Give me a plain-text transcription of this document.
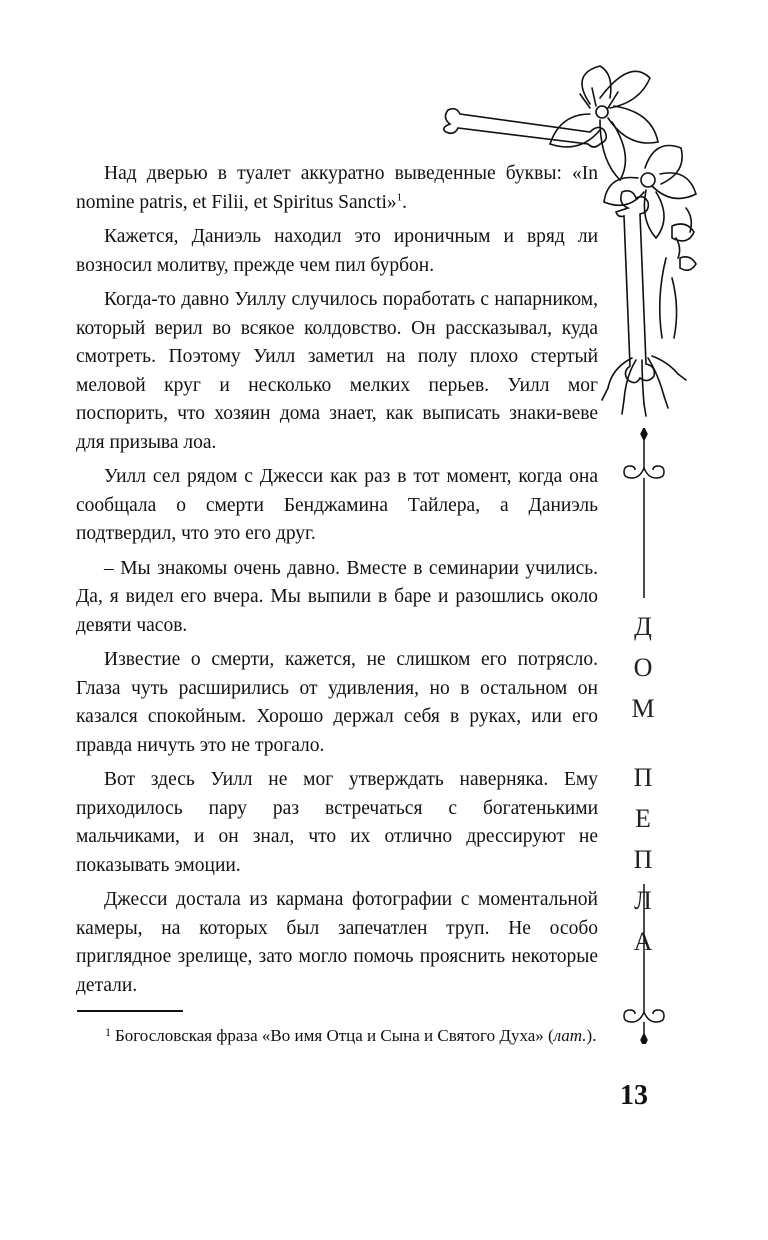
Д
О
М
П
Е
П
Л
А

Над дверью в туалет аккуратно выведенные буквы: «In nomine patris, et Filii, et Spiritus Sancti»$^1$.

Кажется, Даниэль находил это ироничным и вряд ли возносил молитву, прежде чем пил бурбон.

Когда-то давно Уиллу случилось поработать с напарником, который верил во всякое колдовство. Он рассказывал, куда смотреть. Поэтому Уилл заметил на полу плохо стертый меловой круг и несколько мелких перьев. Уилл мог поспорить, что хозяин дома знает, как выписать знаки-веве для призыва лоа.

Уилл сел рядом с Джесси как раз в тот момент, когда она сообщала о смерти Бенджамина Тайлера, а Даниэль подтвердил, что это его друг.

– Мы знакомы очень давно. Вместе в семинарии учились. Да, я видел его вчера. Мы выпили в баре и разошлись около девяти часов.

Известие о смерти, кажется, не слишком его потрясло. Глаза чуть расширились от удивления, но в остальном он казался спокойным. Хорошо держал себя в руках, или его правда ничуть это не трогало.

Вот здесь Уилл не мог утверждать наверняка. Ему приходилось пару раз встречаться с богатенькими мальчиками, и он знал, что их отлично дрессируют не показывать эмоции.

Джесси достала из кармана фотографии с моментальной камеры, на которых был запечатлен труп. Не особо приглядное зрелище, зато могло помочь прояснить некоторые детали.

$^1$ Богословская фраза «Во имя Отца и Сына и Святого Духа» (лат.).
13
